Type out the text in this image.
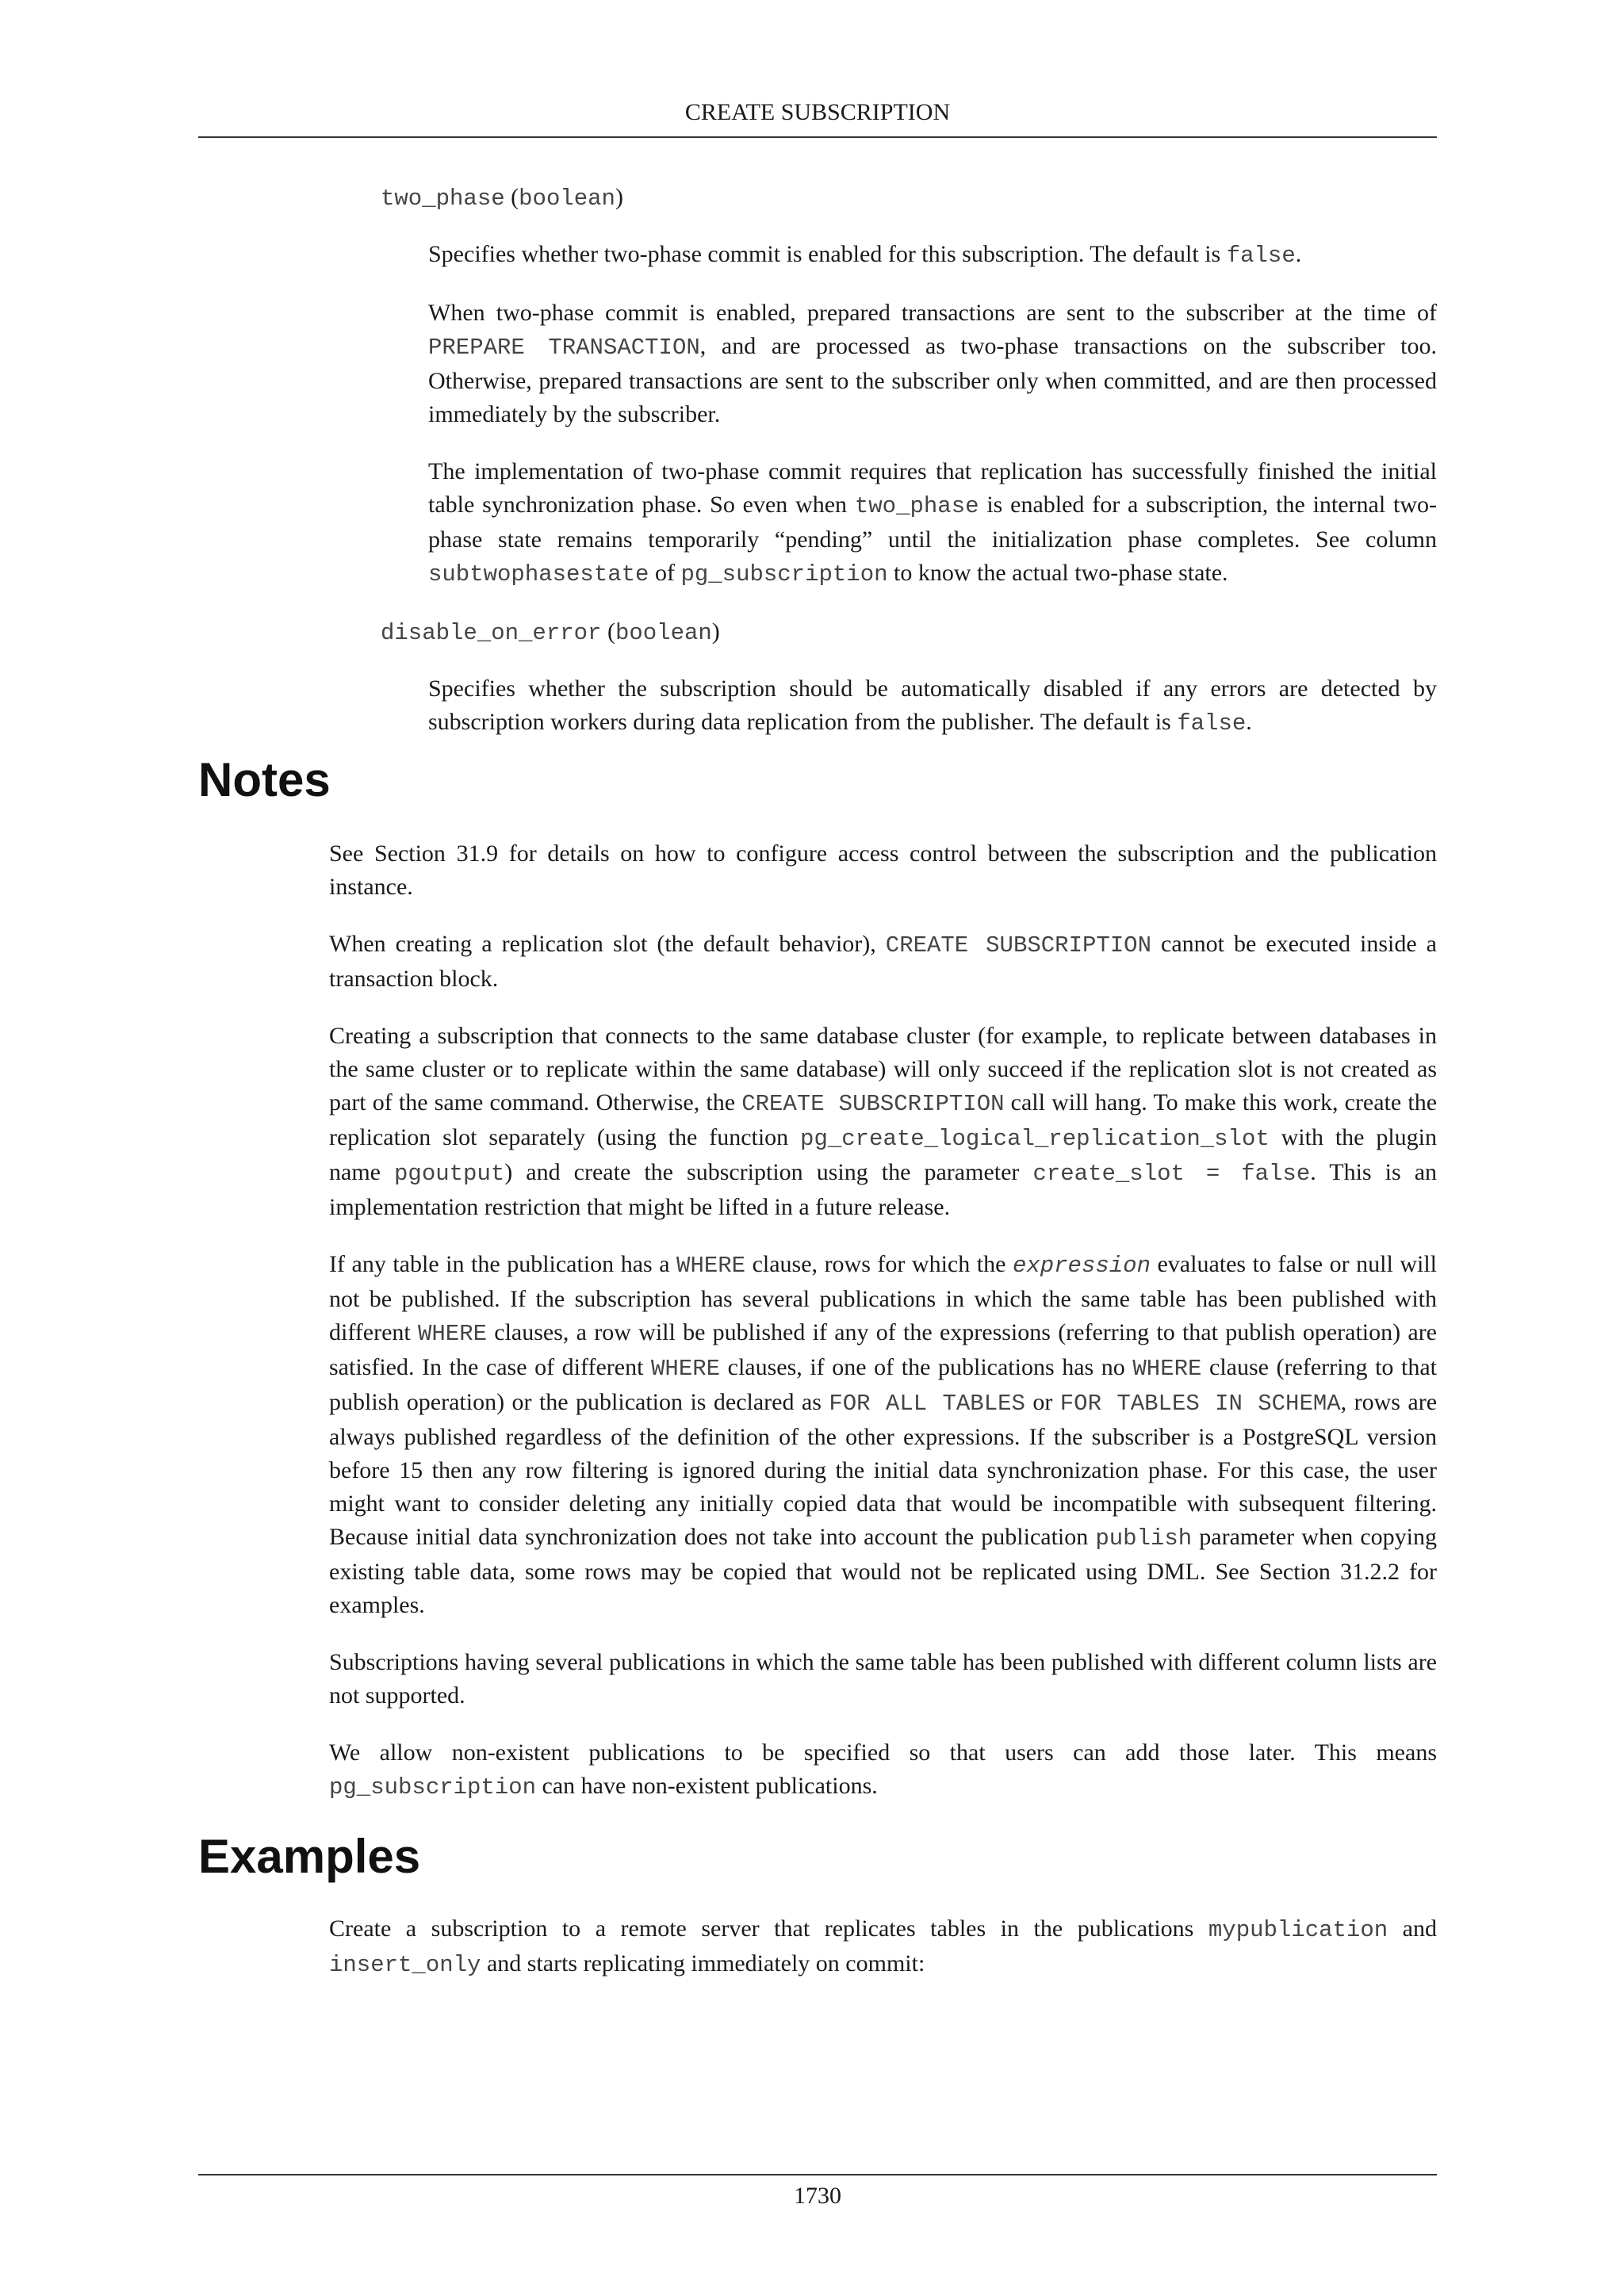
CREATE SUBSCRIPTION
two_phase (boolean)

Specifies whether two-phase commit is enabled for this subscription. The default is false.

When two-phase commit is enabled, prepared transactions are sent to the subscriber at the time of PREPARE TRANSACTION, and are processed as two-phase transactions on the subscriber too. Otherwise, prepared transactions are sent to the subscriber only when committed, and are then processed immediately by the subscriber.

The implementation of two-phase commit requires that replication has successfully finished the initial table synchronization phase. So even when two_phase is enabled for a subscription, the internal two-phase state remains temporarily “pending” until the initialization phase completes. See column subtwophasestate of pg_subscription to know the actual two-phase state.

disable_on_error (boolean)

Specifies whether the subscription should be automatically disabled if any errors are detected by subscription workers during data replication from the publisher. The default is false.

Notes

See Section 31.9 for details on how to configure access control between the subscription and the publication instance.

When creating a replication slot (the default behavior), CREATE SUBSCRIPTION cannot be executed inside a transaction block.

Creating a subscription that connects to the same database cluster (for example, to replicate between databases in the same cluster or to replicate within the same database) will only succeed if the replication slot is not created as part of the same command. Otherwise, the CREATE SUBSCRIPTION call will hang. To make this work, create the replication slot separately (using the function pg_create_logical_replication_slot with the plugin name pgoutput) and create the subscription using the parameter create_slot = false. This is an implementation restriction that might be lifted in a future release.

If any table in the publication has a WHERE clause, rows for which the expression evaluates to false or null will not be published. If the subscription has several publications in which the same table has been published with different WHERE clauses, a row will be published if any of the expressions (referring to that publish operation) are satisfied. In the case of different WHERE clauses, if one of the publications has no WHERE clause (referring to that publish operation) or the publication is declared as FOR ALL TABLES or FOR TABLES IN SCHEMA, rows are always published regardless of the definition of the other expressions. If the subscriber is a PostgreSQL version before 15 then any row filtering is ignored during the initial data synchronization phase. For this case, the user might want to consider deleting any initially copied data that would be incompatible with subsequent filtering. Because initial data synchronization does not take into account the publication publish parameter when copying existing table data, some rows may be copied that would not be replicated using DML. See Section 31.2.2 for examples.

Subscriptions having several publications in which the same table has been published with different column lists are not supported.

We allow non-existent publications to be specified so that users can add those later. This means pg_subscription can have non-existent publications.

Examples

Create a subscription to a remote server that replicates tables in the publications mypublication and insert_only and starts replicating immediately on commit:

1730
